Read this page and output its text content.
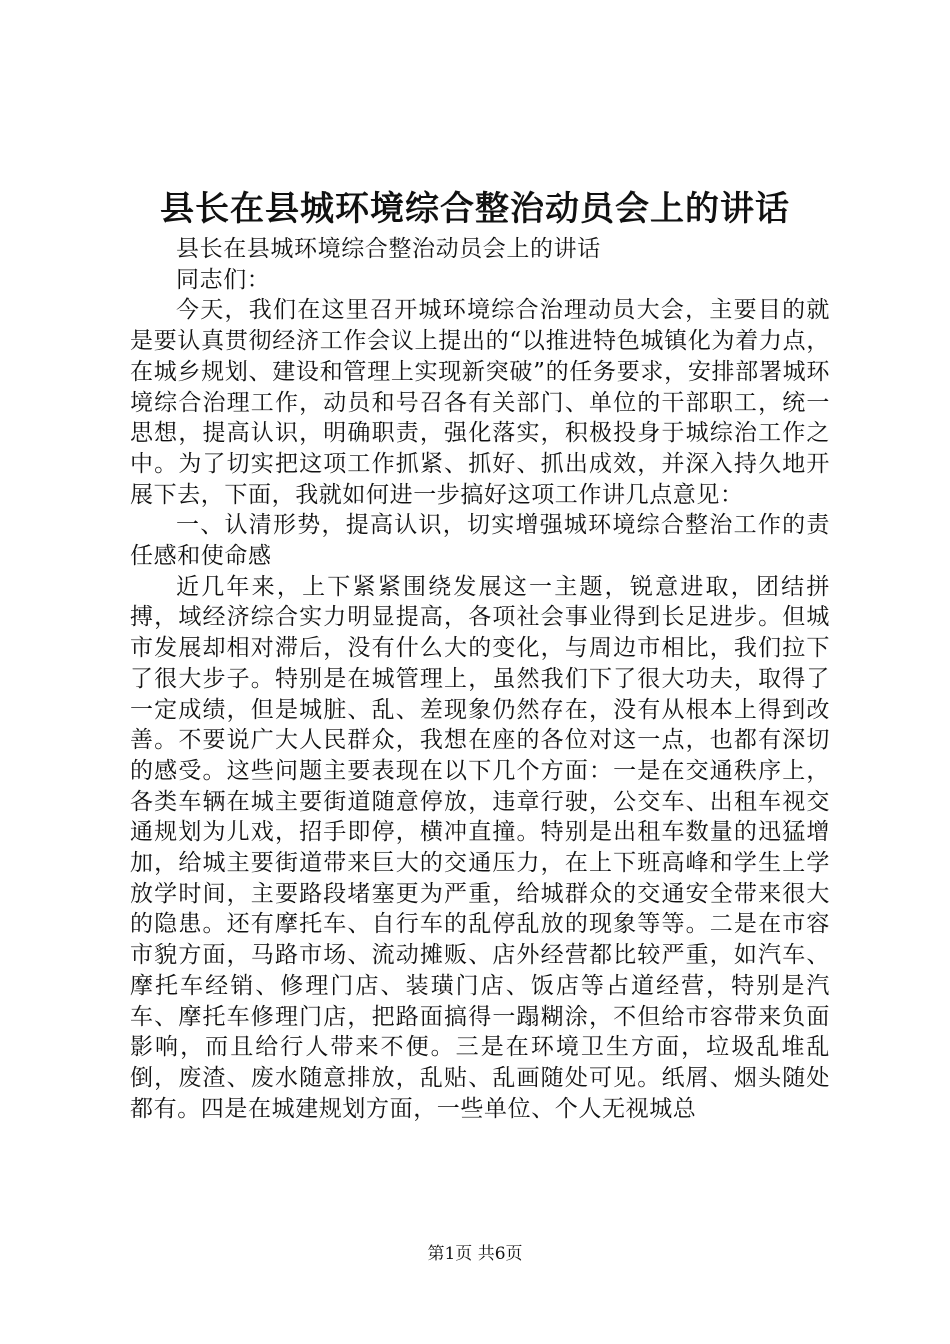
县长在县城环境综合整治动员会上的讲话

县长在县城环境综合整治动员会上的讲话

同志们：

今天，我们在这里召开城环境综合治理动员大会，主要目的就是要认真贯彻经济工作会议上提出的“以推进特色城镇化为着力点，在城乡规划、建设和管理上实现新突破”的任务要求，安排部署城环境综合治理工作，动员和号召各有关部门、单位的干部职工，统一思想，提高认识，明确职责，强化落实，积极投身于城综治工作之中。为了切实把这项工作抓紧、抓好、抓出成效，并深入持久地开展下去，下面，我就如何进一步搞好这项工作讲几点意见：

一、认清形势，提高认识，切实增强城环境综合整治工作的责任感和使命感

近几年来，上下紧紧围绕发展这一主题，锐意进取，团结拼搏，域经济综合实力明显提高，各项社会事业得到长足进步。但城市发展却相对滞后，没有什么大的变化，与周边市相比，我们拉下了很大步子。特别是在城管理上，虽然我们下了很大功夫，取得了一定成绩，但是城脏、乱、差现象仍然存在，没有从根本上得到改善。不要说广大人民群众，我想在座的各位对这一点，也都有深切的感受。这些问题主要表现在以下几个方面：一是在交通秩序上，各类车辆在城主要街道随意停放，违章行驶，公交车、出租车视交通规划为儿戏，招手即停，横冲直撞。特别是出租车数量的迅猛增加，给城主要街道带来巨大的交通压力，在上下班高峰和学生上学放学时间，主要路段堵塞更为严重，给城群众的交通安全带来很大的隐患。还有摩托车、自行车的乱停乱放的现象等等。二是在市容市貌方面，马路市场、流动摊贩、店外经营都比较严重，如汽车、摩托车经销、修理门店、装璜门店、饭店等占道经营，特别是汽车、摩托车修理门店，把路面搞得一蹋糊涂，不但给市容带来负面影响，而且给行人带来不便。三是在环境卫生方面，垃圾乱堆乱倒，废渣、废水随意排放，乱贴、乱画随处可见。纸屑、烟头随处都有。四是在城建规划方面，一些单位、个人无视城总

第1页 共6页
